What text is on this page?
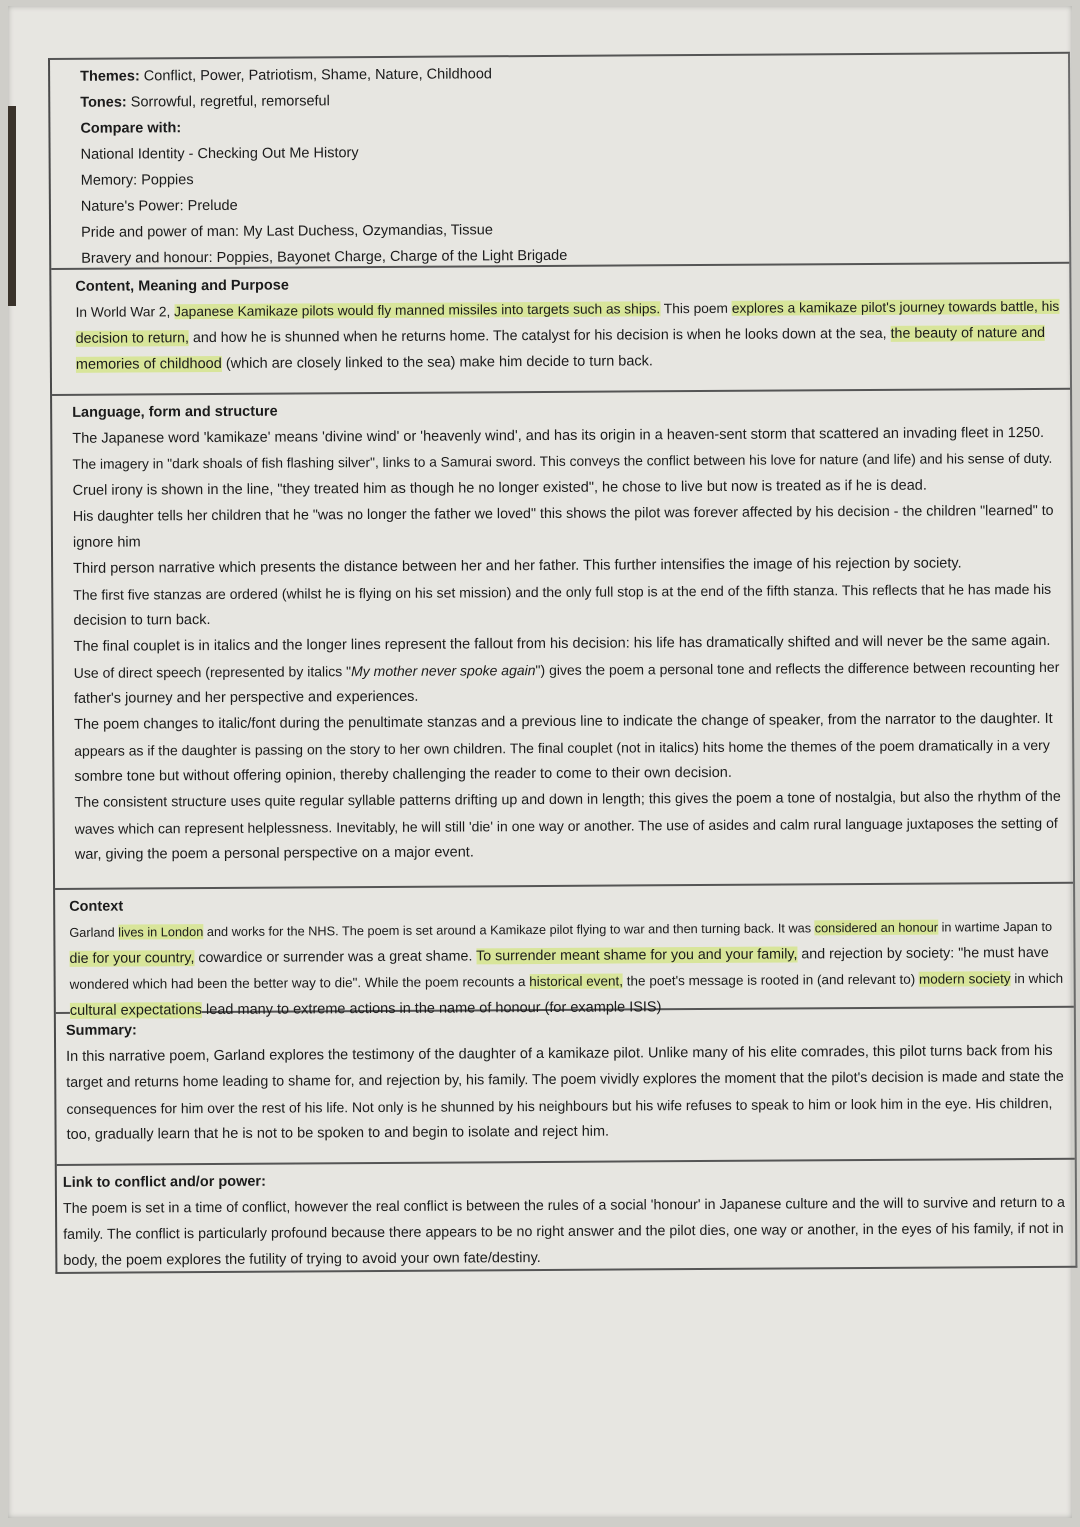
Themes: Conflict, Power, Patriotism, Shame, Nature, Childhood
Tones: Sorrowful, regretful, remorseful
Compare with:
National Identity - Checking Out Me History
Memory: Poppies
Nature's Power: Prelude
Pride and power of man: My Last Duchess, Ozymandias, Tissue
Bravery and honour: Poppies, Bayonet Charge, Charge of the Light Brigade
Content, Meaning and Purpose
In World War 2, Japanese Kamikaze pilots would fly manned missiles into targets such as ships. This poem explores a kamikaze pilot's journey towards battle, his
decision to return, and how he is shunned when he returns home. The catalyst for his decision is when he looks down at the sea, the beauty of nature and
memories of childhood (which are closely linked to the sea) make him decide to turn back.
Language, form and structure
The Japanese word 'kamikaze' means 'divine wind' or 'heavenly wind', and has its origin in a heaven-sent storm that scattered an invading fleet in 1250.
The imagery in "dark shoals of fish flashing silver", links to a Samurai sword. This conveys the conflict between his love for nature (and life) and his sense of duty.
Cruel irony is shown in the line, "they treated him as though he no longer existed", he chose to live but now is treated as if he is dead.
His daughter tells her children that he "was no longer the father we loved" this shows the pilot was forever affected by his decision - the children "learned" to
ignore him
Third person narrative which presents the distance between her and her father. This further intensifies the image of his rejection by society.
The first five stanzas are ordered (whilst he is flying on his set mission) and the only full stop is at the end of the fifth stanza. This reflects that he has made his
decision to turn back.
The final couplet is in italics and the longer lines represent the fallout from his decision: his life has dramatically shifted and will never be the same again.
Use of direct speech (represented by italics "My mother never spoke again") gives the poem a personal tone and reflects the difference between recounting her
father's journey and her perspective and experiences.
The poem changes to italic/font during the penultimate stanzas and a previous line to indicate the change of speaker, from the narrator to the daughter. It
appears as if the daughter is passing on the story to her own children. The final couplet (not in italics) hits home the themes of the poem dramatically in a very
sombre tone but without offering opinion, thereby challenging the reader to come to their own decision.
The consistent structure uses quite regular syllable patterns drifting up and down in length; this gives the poem a tone of nostalgia, but also the rhythm of the
waves which can represent helplessness. Inevitably, he will still 'die' in one way or another. The use of asides and calm rural language juxtaposes the setting of
war, giving the poem a personal perspective on a major event.
Context
Garland lives in London and works for the NHS. The poem is set around a Kamikaze pilot flying to war and then turning back. It was considered an honour in wartime Japan to
die for your country, cowardice or surrender was a great shame. To surrender meant shame for you and your family, and rejection by society: "he must have
wondered which had been the better way to die". While the poem recounts a historical event, the poet's message is rooted in (and relevant to) modern society in which
cultural expectations lead many to extreme actions in the name of honour (for example ISIS)
Summary:
In this narrative poem, Garland explores the testimony of the daughter of a kamikaze pilot. Unlike many of his elite comrades, this pilot turns back from his
target and returns home leading to shame for, and rejection by, his family. The poem vividly explores the moment that the pilot's decision is made and state the
consequences for him over the rest of his life. Not only is he shunned by his neighbours but his wife refuses to speak to him or look him in the eye. His children,
too, gradually learn that he is not to be spoken to and begin to isolate and reject him.
Link to conflict and/or power:
The poem is set in a time of conflict, however the real conflict is between the rules of a social 'honour' in Japanese culture and the will to survive and return to a
family. The conflict is particularly profound because there appears to be no right answer and the pilot dies, one way or another, in the eyes of his family, if not in
body, the poem explores the futility of trying to avoid your own fate/destiny.
